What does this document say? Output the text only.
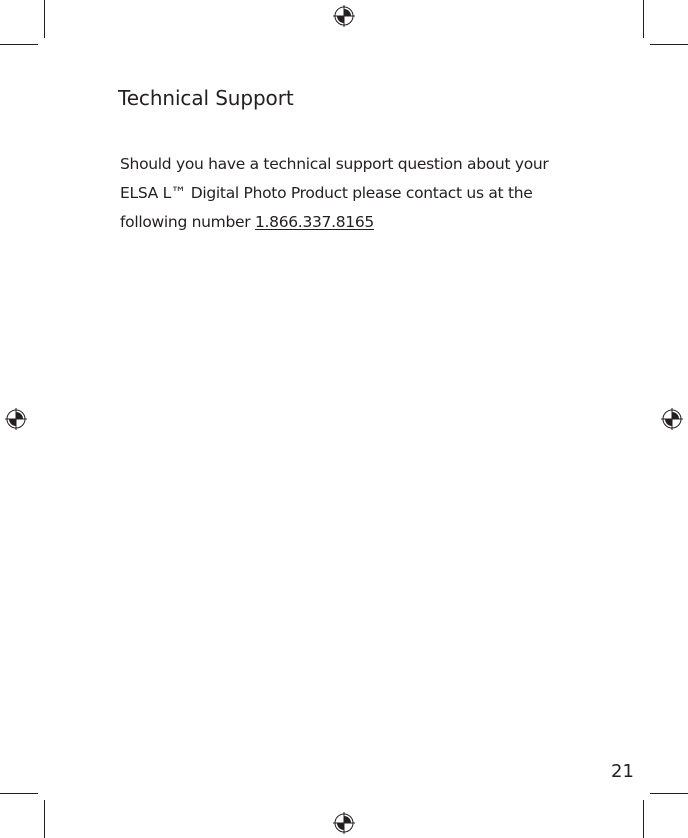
Technical Support

Should you have a technical support question about your ELSA L™ Digital Photo Product please contact us at the following number 1.866.337.8165

21
